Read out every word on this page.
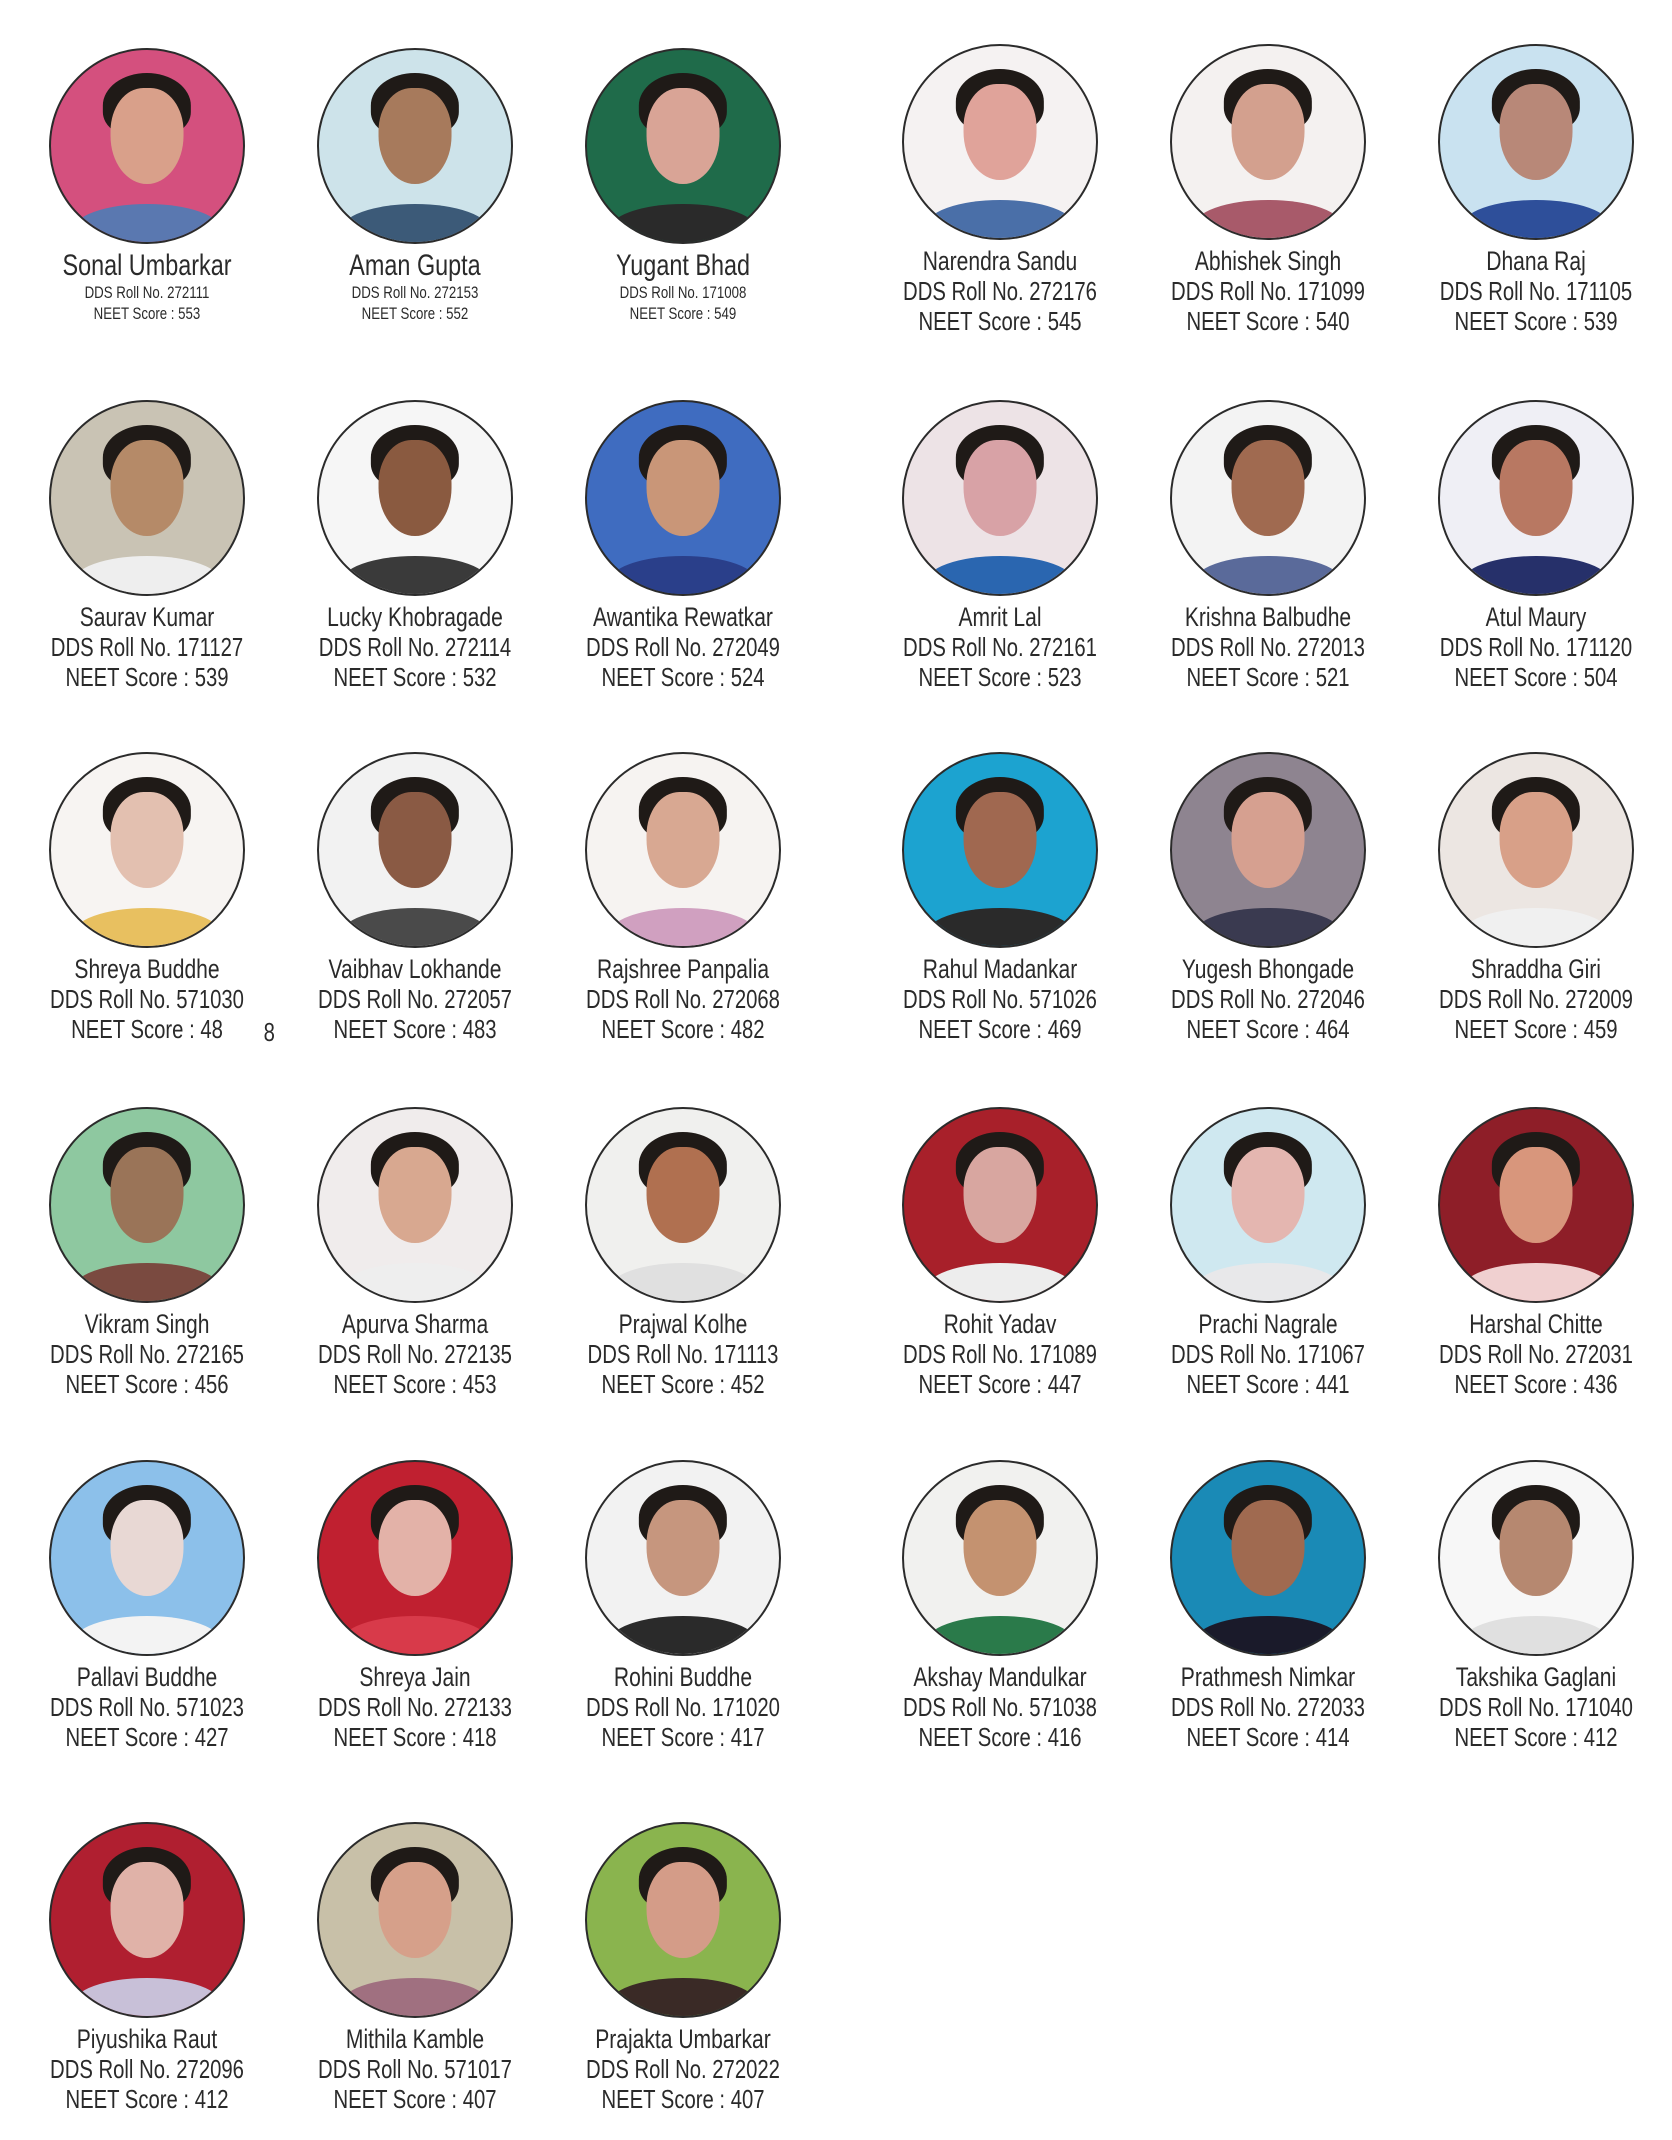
Sonal Umbarkar
DDS Roll No. 272111
NEET Score : 553
Aman Gupta
DDS Roll No. 272153
NEET Score : 552
Yugant Bhad
DDS Roll No. 171008
NEET Score : 549
Narendra Sandu
DDS Roll No. 272176
NEET Score : 545
Abhishek Singh
DDS Roll No. 171099
NEET Score : 540
Dhana Raj
DDS Roll No. 171105
NEET Score : 539
Saurav Kumar
DDS Roll No. 171127
NEET Score : 539
Lucky Khobragade
DDS Roll No. 272114
NEET Score : 532
Awantika Rewatkar
DDS Roll No. 272049
NEET Score : 524
Amrit Lal
DDS Roll No. 272161
NEET Score : 523
Krishna Balbudhe
DDS Roll No. 272013
NEET Score : 521
Atul Maury
DDS Roll No. 171120
NEET Score : 504
Shreya Buddhe
DDS Roll No. 571030
NEET Score : 48
Vaibhav Lokhande
DDS Roll No. 272057
NEET Score : 483
Rajshree Panpalia
DDS Roll No. 272068
NEET Score : 482
Rahul Madankar
DDS Roll No. 571026
NEET Score : 469
Yugesh Bhongade
DDS Roll No. 272046
NEET Score : 464
Shraddha Giri
DDS Roll No. 272009
NEET Score : 459
Vikram Singh
DDS Roll No. 272165
NEET Score : 456
Apurva Sharma
DDS Roll No. 272135
NEET Score : 453
Prajwal Kolhe
DDS Roll No. 171113
NEET Score : 452
Rohit Yadav
DDS Roll No. 171089
NEET Score : 447
Prachi Nagrale
DDS Roll No. 171067
NEET Score : 441
Harshal Chitte
DDS Roll No. 272031
NEET Score : 436
Pallavi Buddhe
DDS Roll No. 571023
NEET Score : 427
Shreya Jain
DDS Roll No. 272133
NEET Score : 418
Rohini Buddhe
DDS Roll No. 171020
NEET Score : 417
Akshay Mandulkar
DDS Roll No. 571038
NEET Score : 416
Prathmesh Nimkar
DDS Roll No. 272033
NEET Score : 414
Takshika Gaglani
DDS Roll No. 171040
NEET Score : 412
Piyushika Raut
DDS Roll No. 272096
NEET Score : 412
Mithila Kamble
DDS Roll No. 571017
NEET Score : 407
Prajakta Umbarkar
DDS Roll No. 272022
NEET Score : 407
8
